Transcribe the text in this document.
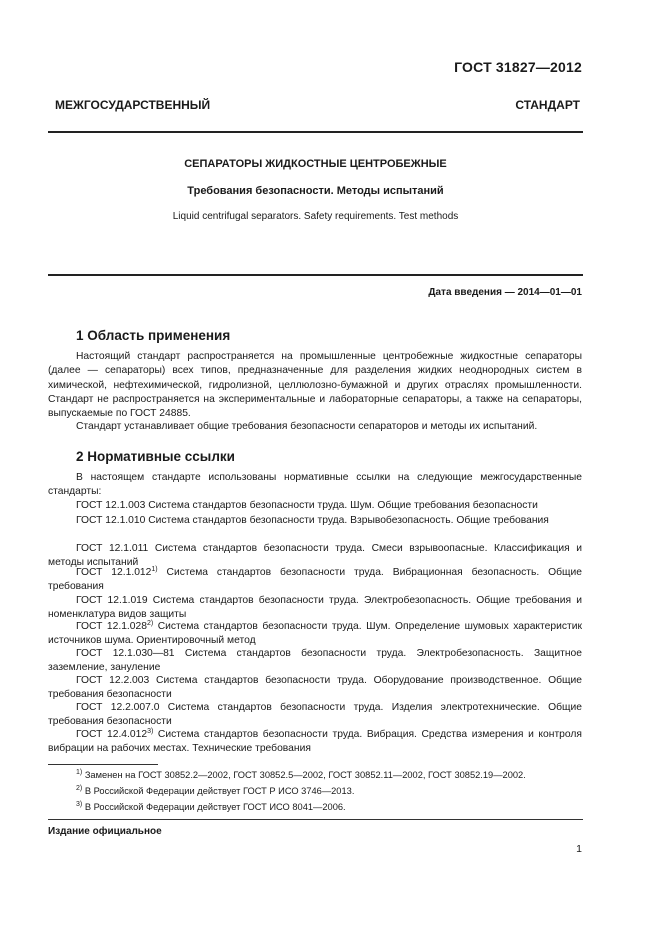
ГОСТ 31827—2012
МЕЖГОСУДАРСТВЕННЫЙ СТАНДАРТ
СЕПАРАТОРЫ ЖИДКОСТНЫЕ ЦЕНТРОБЕЖНЫЕ
Требования безопасности. Методы испытаний
Liquid centrifugal separators. Safety requirements. Test methods
Дата введения — 2014—01—01
1 Область применения

Настоящий стандарт распространяется на промышленные центробежные жидкостные сепараторы (далее — сепараторы) всех типов, предназначенные для разделения жидких неоднородных систем в химической, нефтехимической, гидролизной, целлюлозно-бумажной и других отраслях промышленности. Стандарт не распространяется на экспериментальные и лабораторные сепараторы, а также на сепараторы, выпускаемые по ГОСТ 24885.

Стандарт устанавливает общие требования безопасности сепараторов и методы их испытаний.

2 Нормативные ссылки

В настоящем стандарте использованы нормативные ссылки на следующие межгосударственные стандарты:

ГОСТ 12.1.003 Система стандартов безопасности труда. Шум. Общие требования безопасности

ГОСТ 12.1.010 Система стандартов безопасности труда. Взрывобезопасность. Общие требования

ГОСТ 12.1.011 Система стандартов безопасности труда. Смеси взрывоопасные. Классификация и методы испытаний

ГОСТ 12.1.012$^{1)}$ Система стандартов безопасности труда. Вибрационная безопасность. Общие требования

ГОСТ 12.1.019 Система стандартов безопасности труда. Электробезопасность. Общие требования и номенклатура видов защиты

ГОСТ 12.1.028$^{2)}$ Система стандартов безопасности труда. Шум. Определение шумовых характеристик источников шума. Ориентировочный метод

ГОСТ 12.1.030—81 Система стандартов безопасности труда. Электробезопасность. Защитное заземление, зануление

ГОСТ 12.2.003 Система стандартов безопасности труда. Оборудование производственное. Общие требования безопасности

ГОСТ 12.2.007.0 Система стандартов безопасности труда. Изделия электротехнические. Общие требования безопасности

ГОСТ 12.4.012$^{3)}$ Система стандартов безопасности труда. Вибрация. Средства измерения и контроля вибрации на рабочих местах. Технические требования

$^{1)}$ Заменен на ГОСТ 30852.2—2002, ГОСТ 30852.5—2002, ГОСТ 30852.11—2002, ГОСТ 30852.19—2002.
$^{2)}$ В Российской Федерации действует ГОСТ Р ИСО 3746—2013.
$^{3)}$ В Российской Федерации действует ГОСТ ИСО 8041—2006.
Издание официальное
1
